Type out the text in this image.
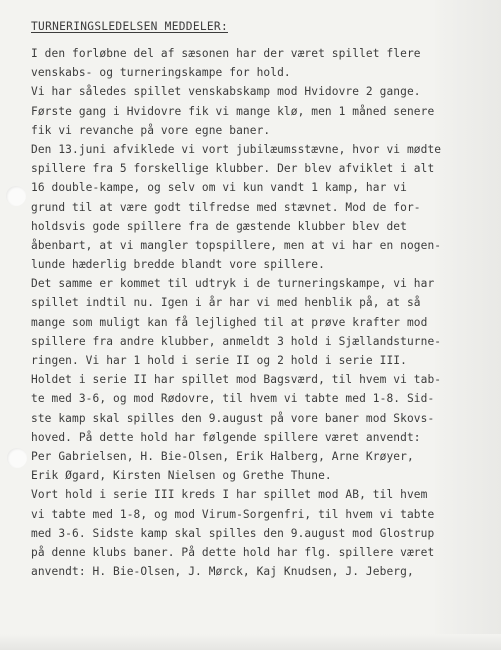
TURNERINGSLEDELSEN MEDDELER:
I den forløbne del af sæsonen har der været spillet flere
venskabs- og turneringskampe for hold.
Vi har således spillet venskabskamp mod Hvidovre 2 gange.
Første gang i Hvidovre fik vi mange klø, men 1 måned senere
fik vi revanche på vore egne baner.
Den 13.juni afviklede vi vort jubilæumsstævne, hvor vi mødte
spillere fra 5 forskellige klubber. Der blev afviklet i alt
16 double-kampe, og selv om vi kun vandt 1 kamp, har vi
grund til at være godt tilfredse med stævnet. Mod de for-
holdsvis gode spillere fra de gæstende klubber blev det
åbenbart, at vi mangler topspillere, men at vi har en nogen-
lunde hæderlig bredde blandt vore spillere.
Det samme er kommet til udtryk i de turneringskampe, vi har
spillet indtil nu. Igen i år har vi med henblik på, at så
mange som muligt kan få lejlighed til at prøve krafter mod
spillere fra andre klubber, anmeldt 3 hold i Sjællandsturne-
ringen. Vi har 1 hold i serie II og 2 hold i serie III.
Holdet i serie II har spillet mod Bagsværd, til hvem vi tab-
te med 3-6, og mod Rødovre, til hvem vi tabte med 1-8. Sid-
ste kamp skal spilles den 9.august på vore baner mod Skovs-
hoved. På dette hold har følgende spillere været anvendt:
Per Gabrielsen, H. Bie-Olsen, Erik Halberg, Arne Krøyer,
Erik Øgard, Kirsten Nielsen og Grethe Thune.
Vort hold i serie III kreds I har spillet mod AB, til hvem
vi tabte med 1-8, og mod Virum-Sorgenfri, til hvem vi tabte
med 3-6. Sidste kamp skal spilles den 9.august mod Glostrup
på denne klubs baner. På dette hold har flg. spillere været
anvendt: H. Bie-Olsen, J. Mørck, Kaj Knudsen, J. Jeberg,
